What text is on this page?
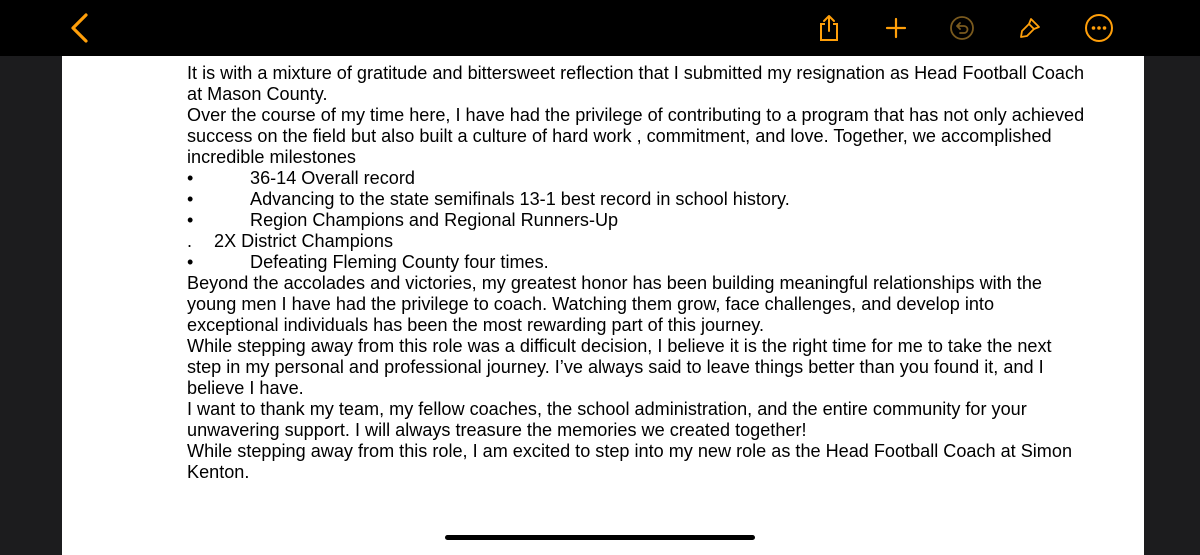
It is with a mixture of gratitude and bittersweet reflection that I submitted my resignation as Head Football Coach at Mason County.

Over the course of my time here, I have had the privilege of contributing to a program that has not only achieved success on the field but also built a culture of hard work , commitment, and love. Together, we accomplished incredible milestones

•	36-14 Overall record
•	Advancing to the state semifinals 13-1 best record in school history.
•	Region Champions and Regional Runners-Up
. 2X District Champions
•	Defeating Fleming County four times.

Beyond the accolades and victories, my greatest honor has been building meaningful relationships with the young men I have had the privilege to coach. Watching them grow, face challenges, and develop into exceptional individuals has been the most rewarding part of this journey.

While stepping away from this role was a difficult decision, I believe it is the right time for me to take the next step in my personal and professional journey. I’ve always said to leave things better than you found it, and I believe I have.

I want to thank my team, my fellow coaches, the school administration, and the entire community for your unwavering support. I will always treasure the memories we created together!

While stepping away from this role, I am excited to step into my new role as the Head Football Coach at Simon Kenton.
